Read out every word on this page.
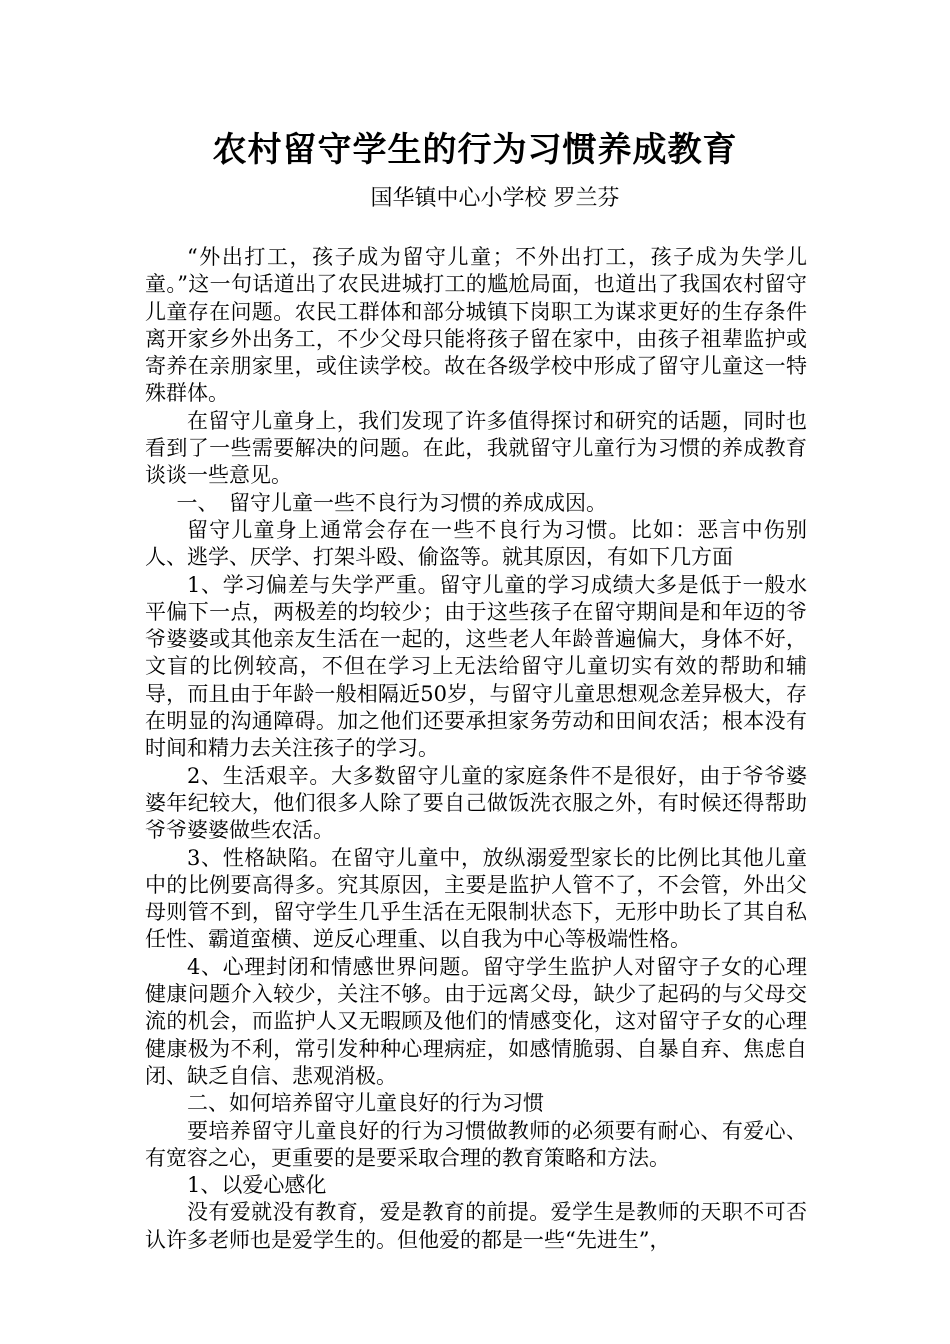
农村留守学生的行为习惯养成教育
国华镇中心小学校 罗兰芬

“外出打工，孩子成为留守儿童；不外出打工，孩子成为失学儿童。”这一句话道出了农民进城打工的尴尬局面，也道出了我国农村留守儿童存在问题。农民工群体和部分城镇下岗职工为谋求更好的生存条件离开家乡外出务工，不少父母只能将孩子留在家中，由孩子祖辈监护或寄养在亲朋家里，或住读学校。故在各级学校中形成了留守儿童这一特殊群体。

在留守儿童身上，我们发现了许多值得探讨和研究的话题，同时也看到了一些需要解决的问题。在此，我就留守儿童行为习惯的养成教育谈谈一些意见。

一、　留守儿童一些不良行为习惯的养成成因。

留守儿童身上通常会存在一些不良行为习惯。比如：恶言中伤别人、逃学、厌学、打架斗殴、偷盗等。就其原因，有如下几方面

1、学习偏差与失学严重。留守儿童的学习成绩大多是低于一般水平偏下一点，两极差的均较少；由于这些孩子在留守期间是和年迈的爷爷婆婆或其他亲友生活在一起的，这些老人年龄普遍偏大，身体不好，文盲的比例较高，不但在学习上无法给留守儿童切实有效的帮助和辅导，而且由于年龄一般相隔近50岁，与留守儿童思想观念差异极大，存在明显的沟通障碍。加之他们还要承担家务劳动和田间农活；根本没有时间和精力去关注孩子的学习。

2、生活艰辛。大多数留守儿童的家庭条件不是很好，由于爷爷婆婆年纪较大，他们很多人除了要自己做饭洗衣服之外，有时候还得帮助爷爷婆婆做些农活。

3、性格缺陷。在留守儿童中，放纵溺爱型家长的比例比其他儿童中的比例要高得多。究其原因，主要是监护人管不了，不会管，外出父母则管不到，留守学生几乎生活在无限制状态下，无形中助长了其自私任性、霸道蛮横、逆反心理重、以自我为中心等极端性格。

4、心理封闭和情感世界问题。留守学生监护人对留守子女的心理健康问题介入较少，关注不够。由于远离父母，缺少了起码的与父母交流的机会，而监护人又无暇顾及他们的情感变化，这对留守子女的心理健康极为不利，常引发种种心理病症，如感情脆弱、自暴自弃、焦虑自闭、缺乏自信、悲观消极。

二、如何培养留守儿童良好的行为习惯

要培养留守儿童良好的行为习惯做教师的必须要有耐心、有爱心、有宽容之心，更重要的是要采取合理的教育策略和方法。

1、以爱心感化

没有爱就没有教育，爱是教育的前提。爱学生是教师的天职不可否认许多老师也是爱学生的。但他爱的都是一些“先进生”，
